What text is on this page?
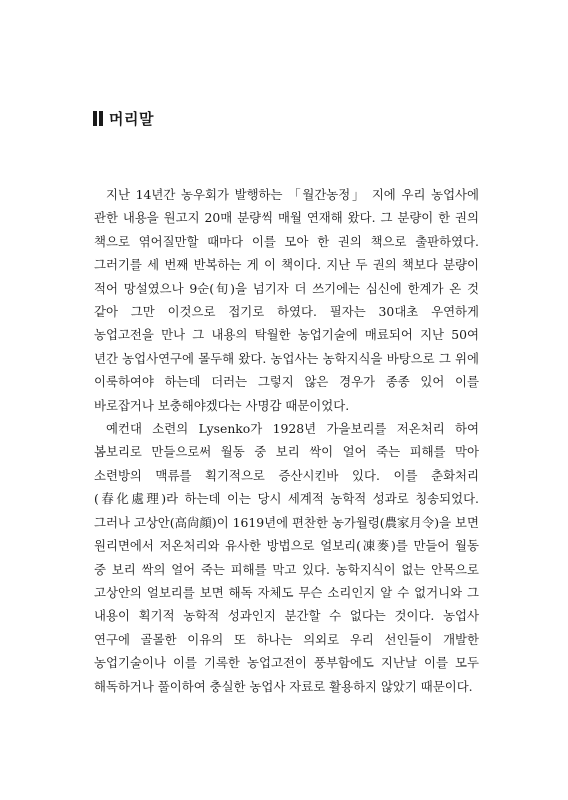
머리말

지난 14년간 농우회가 발행하는 「월간농정」 지에 우리 농업사에 관한 내용을 원고지 20매 분량씩 매월 연재해 왔다. 그 분량이 한 권의 책으로 엮어질만할 때마다 이를 모아 한 권의 책으로 출판하였다. 그러기를 세 번째 반복하는 게 이 책이다. 지난 두 권의 책보다 분량이 적어 망설였으나 9순(旬)을 넘기자 더 쓰기에는 심신에 한계가 온 것 같아 그만 이것으로 접기로 하였다. 필자는 30대초 우연하게 농업고전을 만나 그 내용의 탁월한 농업기술에 매료되어 지난 50여 년간 농업사연구에 몰두해 왔다. 농업사는 농학지식을 바탕으로 그 위에 이룩하여야 하는데 더러는 그렇지 않은 경우가 종종 있어 이를 바로잡거나 보충해야겠다는 사명감 때문이었다.

예컨대 소련의 Lysenko가 1928년 가을보리를 저온처리 하여 봄보리로 만들으로써 월동 중 보리 싹이 얼어 죽는 피해를 막아 소련방의 맥류를 획기적으로 증산시킨바 있다. 이를 춘화처리(春化處理)라 하는데 이는 당시 세계적 농학적 성과로 칭송되었다. 그러나 고상안(高尙顔)이 1619년에 편찬한 농가월령(農家月令)을 보면 원리면에서 저온처리와 유사한 방법으로 얼보리(凍麥)를 만들어 월동 중 보리 싹의 얼어 죽는 피해를 막고 있다. 농학지식이 없는 안목으로 고상안의 얼보리를 보면 해독 자체도 무슨 소리인지 알 수 없거니와 그 내용이 획기적 농학적 성과인지 분간할 수 없다는 것이다. 농업사 연구에 골몰한 이유의 또 하나는 의외로 우리 선인들이 개발한 농업기술이나 이를 기록한 농업고전이 풍부함에도 지난날 이를 모두 해독하거나 풀이하여 충실한 농업사 자료로 활용하지 않았기 때문이다.
